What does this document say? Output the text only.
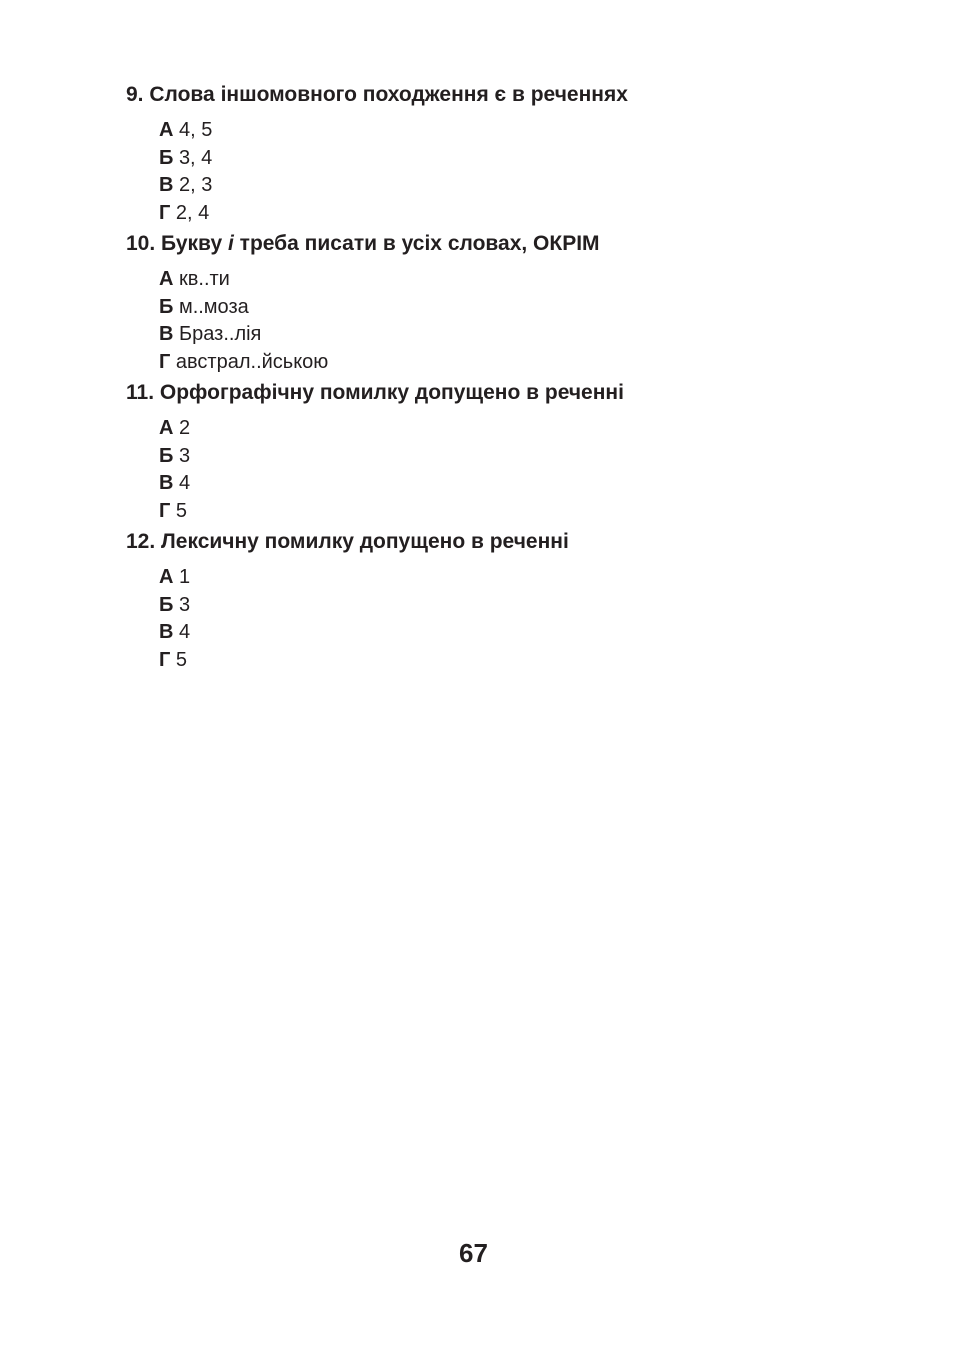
9. Слова іншомовного походження є в реченнях

А 4, 5
Б 3, 4
В 2, 3
Г 2, 4

10. Букву і треба писати в усіх словах, ОКРІМ

А кв..ти
Б м..моза
В Браз..лія
Г австрал..йською

11. Орфографічну помилку допущено в реченні

А 2
Б 3
В 4
Г 5

12. Лексичну помилку допущено в реченні

А 1
Б 3
В 4
Г 5
67
